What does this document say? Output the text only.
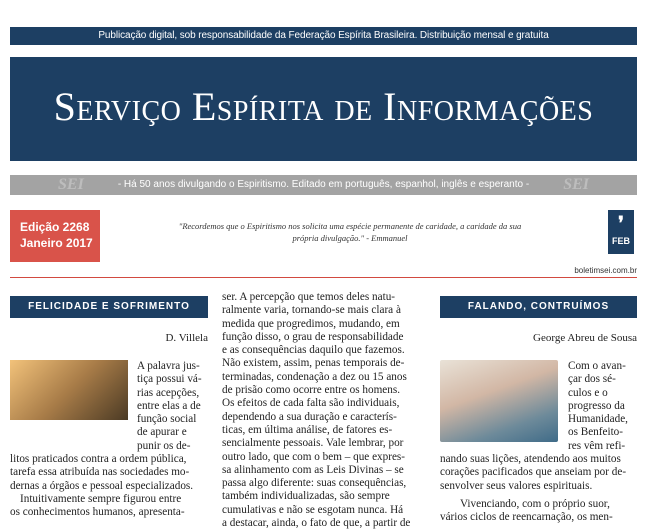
Publicação digital, sob responsabilidade da Federação Espírita Brasileira. Distribuição mensal e gratuita
Serviço Espírita de Informações
SEI	- Há 50 anos divulgando o Espiritismo. Editado em português, espanhol, inglês e esperanto - SEI
Edição 2268
Janeiro 2017
"Recordemos que o Espiritismo nos solicita uma espécie permanente de caridade, a caridade da sua própria divulgação." - Emmanuel
❜
FEB
boletimsei.com.br
FELICIDADE E SOFRIMENTO
D. Villela

A palavra jus-

tiça possui vá-

rias acepções,

entre elas a de

função social

de apurar e

punir os de-

litos praticados contra a ordem pública,

tarefa essa atribuída nas sociedades mo-

dernas a órgãos e pessoal especializados.

Intuitivamente sempre figurou entre

os conhecimentos humanos, apresenta-

ser. A percepção que temos deles natu-

ralmente varia, tornando-se mais clara à

medida que progredimos, mudando, em

função disso, o grau de responsabilidade

e as consequências daquilo que fazemos.

Não existem, assim, penas temporais de-

terminadas, condenação a dez ou 15 anos

de prisão como ocorre entre os homens.

Os efeitos de cada falta são individuais,

dependendo a sua duração e caracterís-

ticas, em última análise, de fatores es-

sencialmente pessoais. Vale lembrar, por

outro lado, que com o bem – que expres-

sa alinhamento com as Leis Divinas – se

passa algo diferente: suas consequências,

também individualizadas, são sempre

cumulativas e não se esgotam nunca. Há

a destacar, ainda, o fato de que, a partir de

FALANDO, CONTRUÍMOS
George Abreu de Sousa

Com o avan-

çar dos sé-

culos e o

progresso da

Humanidade,

os Benfeito-

res vêm refi-

nando suas lições, atendendo aos muitos

corações pacificados que anseiam por de-

senvolver seus valores espirituais.

Vivenciando, com o próprio suor,

vários ciclos de reencarnação, os men-
